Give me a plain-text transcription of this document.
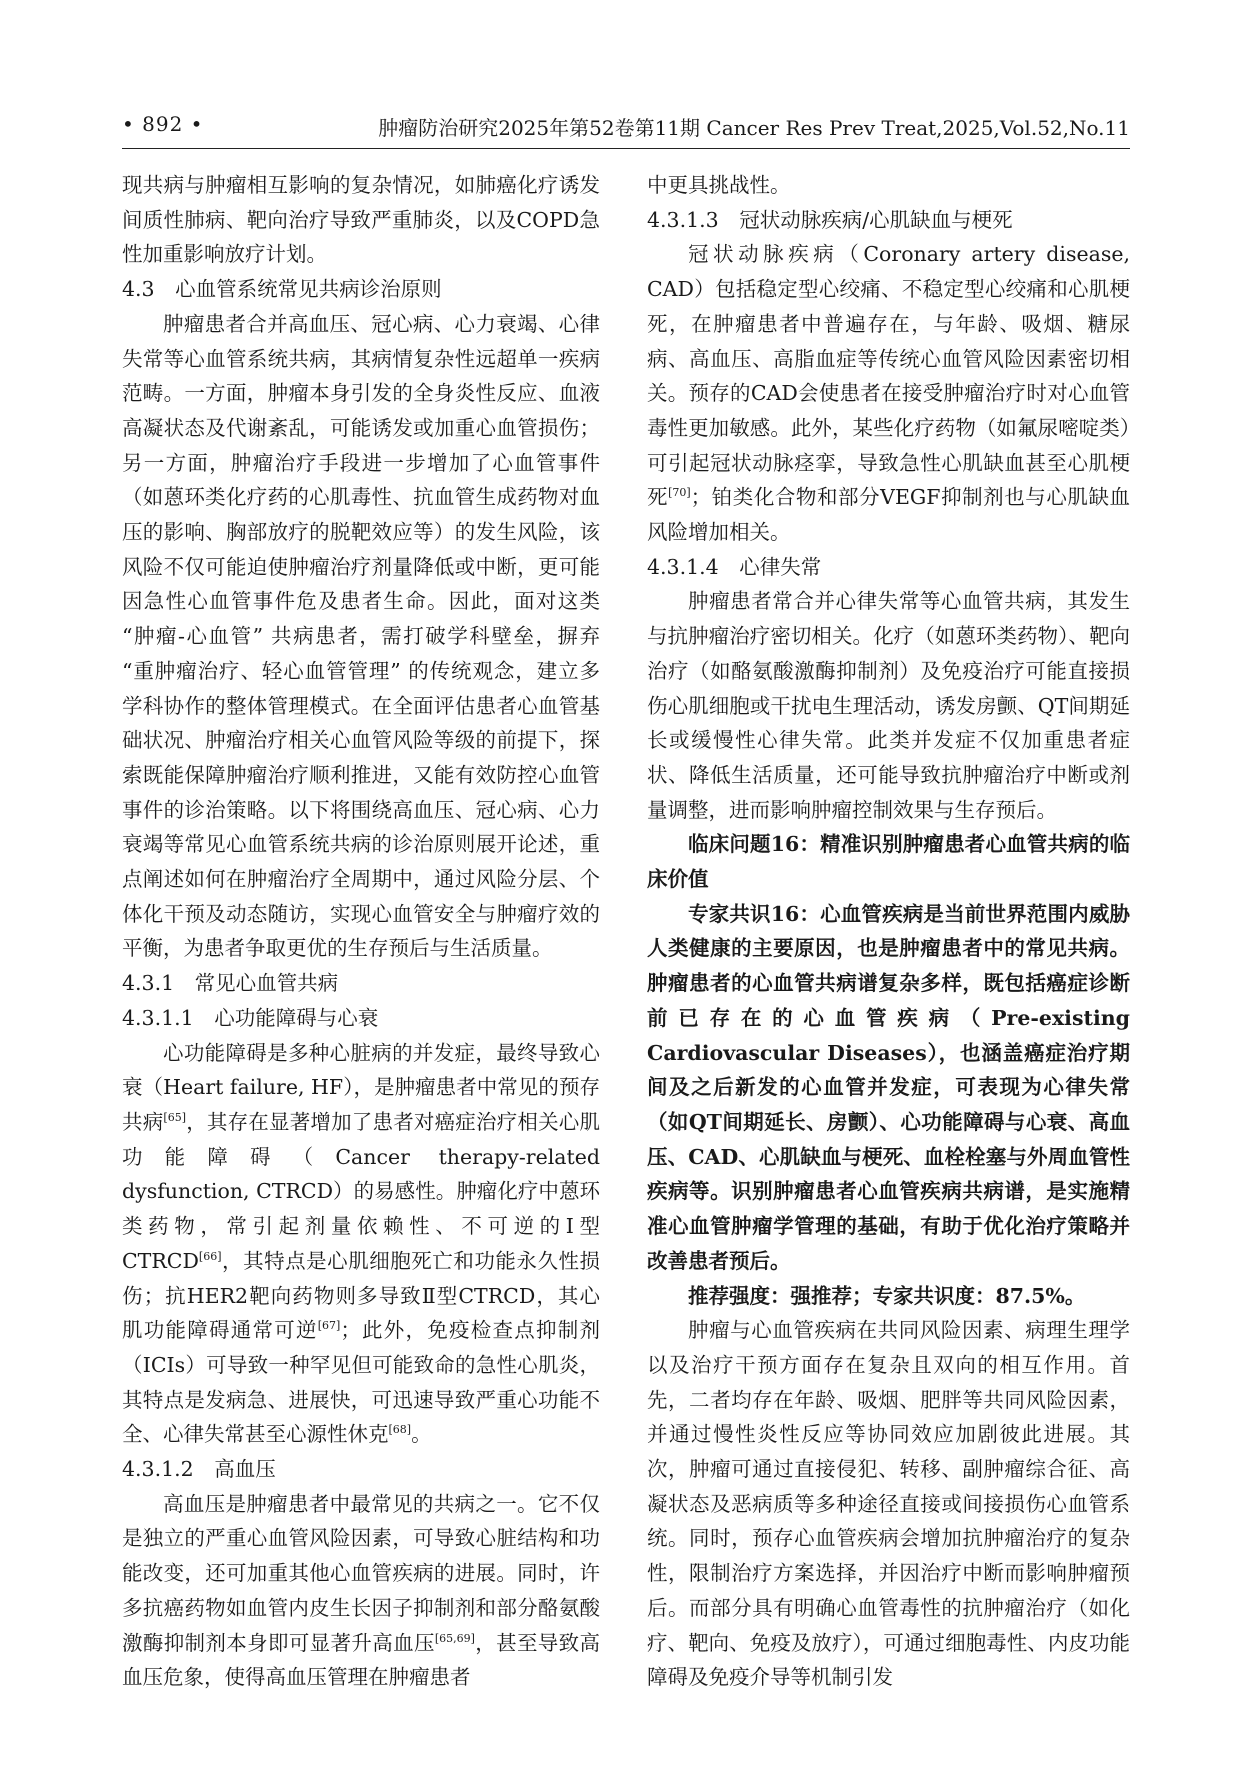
• 892 •	肿瘤防治研究2025年第52卷第11期 Cancer Res Prev Treat,2025,Vol.52,No.11

现共病与肿瘤相互影响的复杂情况，如肺癌化疗诱发间质性肺病、靶向治疗导致严重肺炎，以及COPD急性加重影响放疗计划。

4.3　心血管系统常见共病诊治原则

肿瘤患者合并高血压、冠心病、心力衰竭、心律失常等心血管系统共病，其病情复杂性远超单一疾病范畴。一方面，肿瘤本身引发的全身炎性反应、血液高凝状态及代谢紊乱，可能诱发或加重心血管损伤；另一方面，肿瘤治疗手段进一步增加了心血管事件（如蒽环类化疗药的心肌毒性、抗血管生成药物对血压的影响、胸部放疗的脱靶效应等）的发生风险，该风险不仅可能迫使肿瘤治疗剂量降低或中断，更可能因急性心血管事件危及患者生命。因此，面对这类 “肿瘤-心血管” 共病患者，需打破学科壁垒，摒弃 “重肿瘤治疗、轻心血管管理” 的传统观念，建立多学科协作的整体管理模式。在全面评估患者心血管基础状况、肿瘤治疗相关心血管风险等级的前提下，探索既能保障肿瘤治疗顺利推进，又能有效防控心血管事件的诊治策略。以下将围绕高血压、冠心病、心力衰竭等常见心血管系统共病的诊治原则展开论述，重点阐述如何在肿瘤治疗全周期中，通过风险分层、个体化干预及动态随访，实现心血管安全与肿瘤疗效的平衡，为患者争取更优的生存预后与生活质量。

4.3.1　常见心血管共病

4.3.1.1　心功能障碍与心衰

心功能障碍是多种心脏病的并发症，最终导致心衰（Heart failure, HF），是肿瘤患者中常见的预存共病[65]，其存在显著增加了患者对癌症治疗相关心肌功能障碍（Cancer therapy-related dysfunction, CTRCD）的易感性。肿瘤化疗中蒽环类药物，常引起剂量依赖性、不可逆的Ⅰ型CTRCD[66]，其特点是心肌细胞死亡和功能永久性损伤；抗HER2靶向药物则多导致Ⅱ型CTRCD，其心肌功能障碍通常可逆[67]；此外，免疫检查点抑制剂（ICIs）可导致一种罕见但可能致命的急性心肌炎，其特点是发病急、进展快，可迅速导致严重心功能不全、心律失常甚至心源性休克[68]。

4.3.1.2　高血压

高血压是肿瘤患者中最常见的共病之一。它不仅是独立的严重心血管风险因素，可导致心脏结构和功能改变，还可加重其他心血管疾病的进展。同时，许多抗癌药物如血管内皮生长因子抑制剂和部分酪氨酸激酶抑制剂本身即可显著升高血压[65,69]，甚至导致高血压危象，使得高血压管理在肿瘤患者

中更具挑战性。

4.3.1.3　冠状动脉疾病/心肌缺血与梗死

冠状动脉疾病（Coronary artery disease, CAD）包括稳定型心绞痛、不稳定型心绞痛和心肌梗死，在肿瘤患者中普遍存在，与年龄、吸烟、糖尿病、高血压、高脂血症等传统心血管风险因素密切相关。预存的CAD会使患者在接受肿瘤治疗时对心血管毒性更加敏感。此外，某些化疗药物（如氟尿嘧啶类）可引起冠状动脉痉挛，导致急性心肌缺血甚至心肌梗死[70]；铂类化合物和部分VEGF抑制剂也与心肌缺血风险增加相关。

4.3.1.4　心律失常

肿瘤患者常合并心律失常等心血管共病，其发生与抗肿瘤治疗密切相关。化疗（如蒽环类药物）、靶向治疗（如酪氨酸激酶抑制剂）及免疫治疗可能直接损伤心肌细胞或干扰电生理活动，诱发房颤、QT间期延长或缓慢性心律失常。此类并发症不仅加重患者症状、降低生活质量，还可能导致抗肿瘤治疗中断或剂量调整，进而影响肿瘤控制效果与生存预后。

临床问题16：精准识别肿瘤患者心血管共病的临床价值

专家共识16：心血管疾病是当前世界范围内威胁人类健康的主要原因，也是肿瘤患者中的常见共病。肿瘤患者的心血管共病谱复杂多样，既包括癌症诊断前已存在的心血管疾病（Pre-existing Cardiovascular Diseases），也涵盖癌症治疗期间及之后新发的心血管并发症，可表现为心律失常（如QT间期延长、房颤）、心功能障碍与心衰、高血压、CAD、心肌缺血与梗死、血栓栓塞与外周血管性疾病等。识别肿瘤患者心血管疾病共病谱，是实施精准心血管肿瘤学管理的基础，有助于优化治疗策略并改善患者预后。

推荐强度：强推荐；专家共识度：87.5%。

肿瘤与心血管疾病在共同风险因素、病理生理学以及治疗干预方面存在复杂且双向的相互作用。首先，二者均存在年龄、吸烟、肥胖等共同风险因素，并通过慢性炎性反应等协同效应加剧彼此进展。其次，肿瘤可通过直接侵犯、转移、副肿瘤综合征、高凝状态及恶病质等多种途径直接或间接损伤心血管系统。同时，预存心血管疾病会增加抗肿瘤治疗的复杂性，限制治疗方案选择，并因治疗中断而影响肿瘤预后。而部分具有明确心血管毒性的抗肿瘤治疗（如化疗、靶向、免疫及放疗），可通过细胞毒性、内皮功能障碍及免疫介导等机制引发
